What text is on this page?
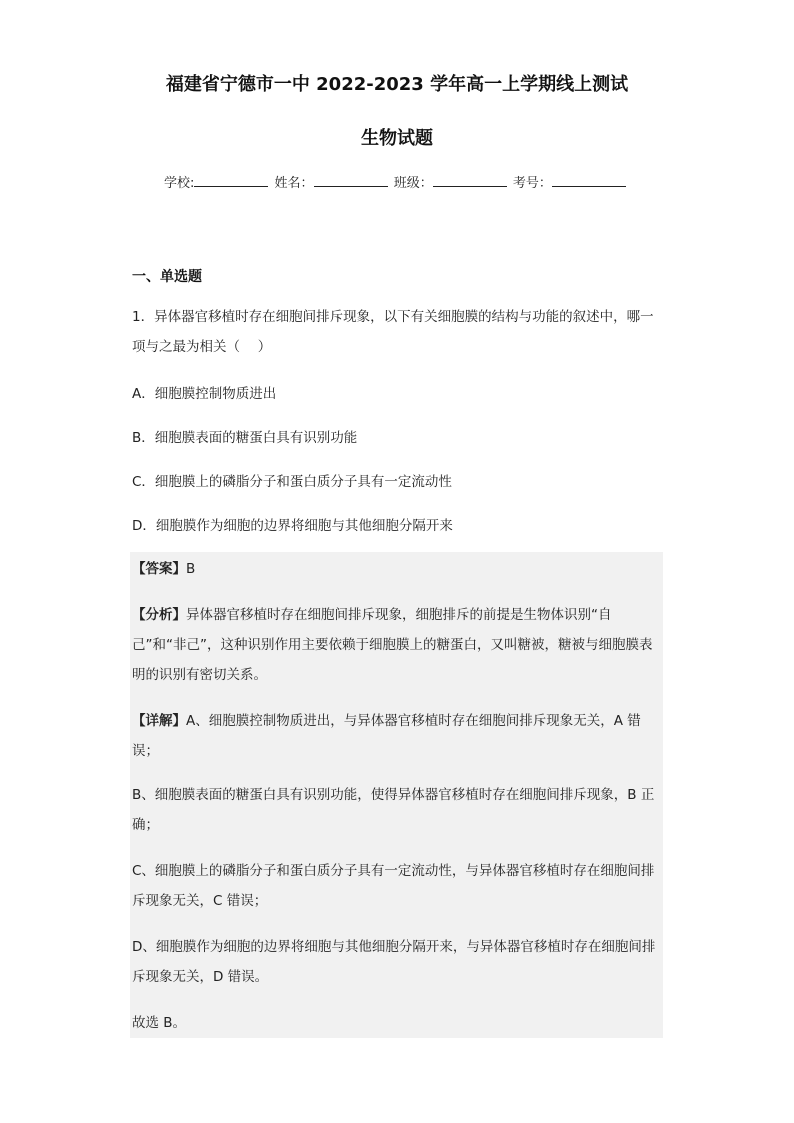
福建省宁德市一中 2022-2023 学年高一上学期线上测试
生物试题
学校:	姓名：	班级：	考号：
一、单选题
1．异体器官移植时存在细胞间排斥现象，以下有关细胞膜的结构与功能的叙述中，哪一项与之最为相关（　 ）
A．细胞膜控制物质进出
B．细胞膜表面的糖蛋白具有识别功能
C．细胞膜上的磷脂分子和蛋白质分子具有一定流动性
D．细胞膜作为细胞的边界将细胞与其他细胞分隔开来
【答案】B
【分析】异体器官移植时存在细胞间排斥现象，细胞排斥的前提是生物体识别“自己”和“非己”，这种识别作用主要依赖于细胞膜上的糖蛋白，又叫糖被，糖被与细胞膜表明的识别有密切关系。
【详解】A、细胞膜控制物质进出，与异体器官移植时存在细胞间排斥现象无关，A 错误；
B、细胞膜表面的糖蛋白具有识别功能，使得异体器官移植时存在细胞间排斥现象，B 正确；
C、细胞膜上的磷脂分子和蛋白质分子具有一定流动性，与异体器官移植时存在细胞间排斥现象无关，C 错误；
D、细胞膜作为细胞的边界将细胞与其他细胞分隔开来，与异体器官移植时存在细胞间排斥现象无关，D 错误。
故选 B。
